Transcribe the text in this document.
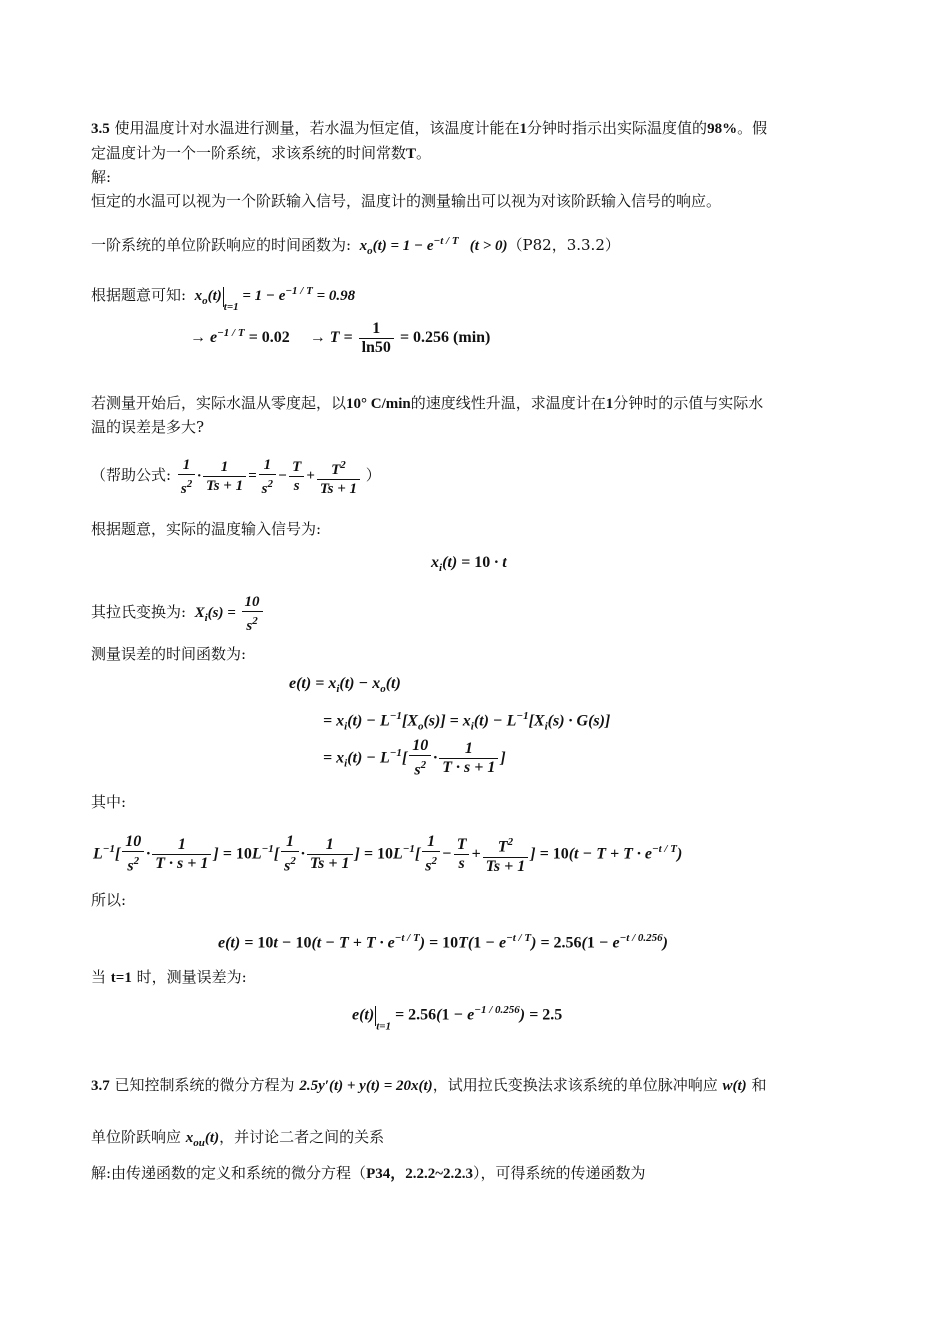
3.5 使用温度计对水温进行测量，若水温为恒定值，该温度计能在1分钟时指示出实际温度值的98%。假
定温度计为一个一阶系统，求该系统的时间常数T。
解:
恒定的水温可以视为一个阶跃输入信号，温度计的测量输出可以视为对该阶跃输入信号的响应。
一阶系统的单位阶跃响应的时间函数为:  $x_o(t) = 1 - e^{-t / T}$   (t > 0)（P82，3.3.2）
根据题意可知:  $x_o(t)_{t=1} = 1 - e^{-1 / T} = 0.98$
→ $e^{-1 / T} = 0.02$     → $T = \frac{1}{\ln 50} = 0.256$ (min)
若测量开始后，实际水温从零度起，以10° C/min的速度线性升温，求温度计在1分钟时的示值与实际水
温的误差是多大?
（帮助公式: $\frac{1}{s^2} \cdot \frac{1}{Ts + 1} = \frac{1}{s^2} - \frac{T}{s} + \frac{T^2}{Ts + 1}$ ）
根据题意，实际的温度输入信号为:
$x_i(t) = 10 \cdot t$
其拉氏变换为:  $X_i(s) = \frac{10}{s^2}$
测量误差的时间函数为:
$e(t) = x_i(t) - x_o(t)$
= $x_i(t) - L^{-1}[X_o(s)] = x_i(t) - L^{-1}[X_i(s) \cdot G(s)]$
= $x_i(t) - L^{-1}[ \frac{10}{s^2} \cdot \frac{1}{T \cdot s + 1}$ ]
其中:
$L^{-1}[ \frac{10}{s^2} \cdot \frac{1}{T \cdot s + 1}$ ] = $10L^{-1}[ \frac{1}{s^2} \cdot \frac{1}{Ts + 1}$ ] = $10L^{-1}[ \frac{1}{s^2} - \frac{T}{s} + \frac{T^2}{Ts + 1}$ ] = $10(t - T + T \cdot e^{-t / T})$
所以:
$e(t) = 10t - 10(t - T + T \cdot e^{-t / T}) = 10T(1 - e^{-t / T}) = 2.56(1 - e^{-t / 0.256})$
当 t=1 时，测量误差为:
$e(t)_{t=1} = 2.56(1 - e^{-1 / 0.256}) = 2.5$
3.7 已知控制系统的微分方程为 2.5y′(t) + y(t) = 20x(t)，试用拉氏变换法求该系统的单位脉冲响应 w(t) 和
单位阶跃响应 $x_{ou}(t)$，并讨论二者之间的关系
解:由传递函数的定义和系统的微分方程（P34，2.2.2~2.2.3），可得系统的传递函数为
